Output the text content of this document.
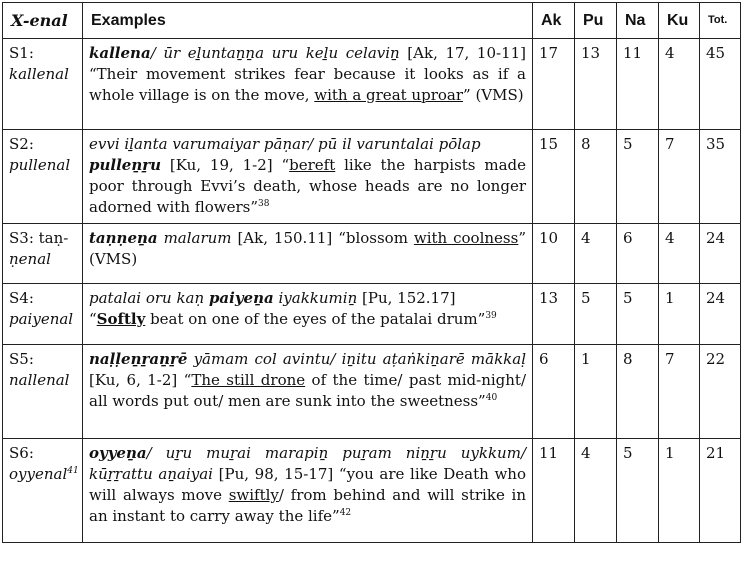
X-enal	Examples	Ak	Pu	Na	Ku	Tot.

S1:
kallenal	kallena/ ūr eḻuntaṉṉa uru keḻu celaviṉ [Ak, 17, 10-11] “Their movement strikes fear because it looks as if a whole village is on the move, with a great uproar” (VMS)	17	13	11	4	45

S2:
pullenal	evvi iḻanta varumaiyar pāṇar/ pū il varuntalai pōlap
pulleṉṟu [Ku, 19, 1-2] “bereft like the harpists made poor through Evvi’s death, whose heads are no longer adorned with flowers”$^{38}$	15	8	5	7	35

S3: taṇ-
ṇenal	taṇṇeṉa malarum [Ak, 150.11] “blossom with coolness” (VMS)	10	4	6	4	24

S4:
paiyenal	patalai oru kaṇ paiyeṉa iyakkumiṉ [Pu, 152.17]
“Softly beat on one of the eyes of the patalai drum”$^{39}$	13	5	5	1	24

S5:
nallenal	naḷḷeṉṟaṉṟē yāmam col avintu/ iṉitu aṭaṅkiṉarē mākkaḷ [Ku, 6, 1-2] “The still drone of the time/ past mid-night/ all words put out/ men are sunk into the sweetness”$^{40}$	6	1	8	7	22

S6:
oyyenal$^{41}$	oyyeṉa/ uṟu muṟai marapiṉ puṟam niṉṟu uykkum/ kūṟṟattu aṉaiyai [Pu, 98, 15-17] “you are like Death who will always move swiftly/ from behind and will strike in an instant to carry away the life”$^{42}$	11	4	5	1	21
